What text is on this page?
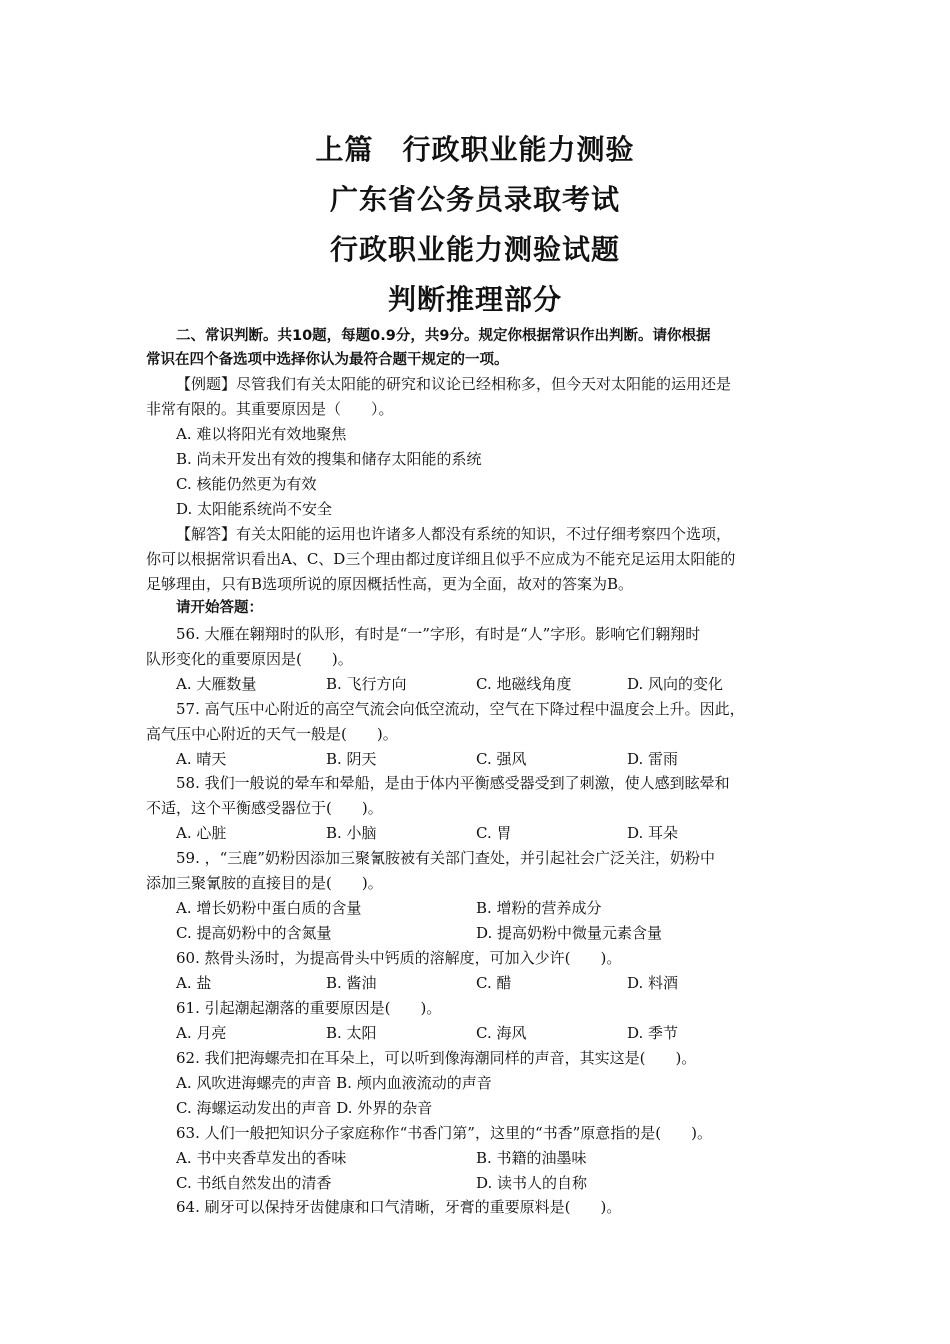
上篇　行政职业能力测验
广东省公务员录取考试
行政职业能力测验试题
判断推理部分
二、常识判断。共10题，每题0.9分，共9分。规定你根据常识作出判断。请你根据
常识在四个备选项中选择你认为最符合题干规定的一项。
【例题】尽管我们有关太阳能的研究和议论已经相称多，但今天对太阳能的运用还是
非常有限的。其重要原因是（　　）。
A. 难以将阳光有效地聚焦
B. 尚未开发出有效的搜集和储存太阳能的系统
C. 核能仍然更为有效
D. 太阳能系统尚不安全
【解答】有关太阳能的运用也许诸多人都没有系统的知识，不过仔细考察四个选项，
你可以根据常识看出A、C、D三个理由都过度详细且似乎不应成为不能充足运用太阳能的
足够理由，只有B选项所说的原因概括性高，更为全面，故对的答案为B。
请开始答题：
56. 大雁在翱翔时的队形，有时是“一”字形，有时是“人”字形。影响它们翱翔时
队形变化的重要原因是(　　)。
A. 大雁数量	B. 飞行方向	C. 地磁线角度	D. 风向的变化
57. 高气压中心附近的高空气流会向低空流动，空气在下降过程中温度会上升。因此，
高气压中心附近的天气一般是(　　)。
A. 晴天	B. 阴天	C. 强风	D. 雷雨
58. 我们一般说的晕车和晕船，是由于体内平衡感受器受到了刺激，使人感到眩晕和
不适，这个平衡感受器位于(　　)。
A. 心脏	B. 小脑	C. 胃	D. 耳朵
59. ，“三鹿”奶粉因添加三聚氰胺被有关部门查处，并引起社会广泛关注，奶粉中
添加三聚氰胺的直接目的是(　　)。
A. 增长奶粉中蛋白质的含量	B. 增粉的营养成分
C. 提高奶粉中的含氮量	D. 提高奶粉中微量元素含量
60. 熬骨头汤时，为提高骨头中钙质的溶解度，可加入少许(　　)。
A. 盐	B. 酱油	C. 醋	D. 料酒
61. 引起潮起潮落的重要原因是(　　)。
A. 月亮	B. 太阳	C. 海风	D. 季节
62. 我们把海螺壳扣在耳朵上，可以听到像海潮同样的声音，其实这是(　　)。
A. 风吹进海螺壳的声音 B. 颅内血液流动的声音
C. 海螺运动发出的声音 D. 外界的杂音
63. 人们一般把知识分子家庭称作“书香门第”，这里的“书香”原意指的是(　　)。
A. 书中夹香草发出的香味	B. 书籍的油墨味
C. 书纸自然发出的清香	D. 读书人的自称
64. 刷牙可以保持牙齿健康和口气清晰，牙膏的重要原料是(　　)。
